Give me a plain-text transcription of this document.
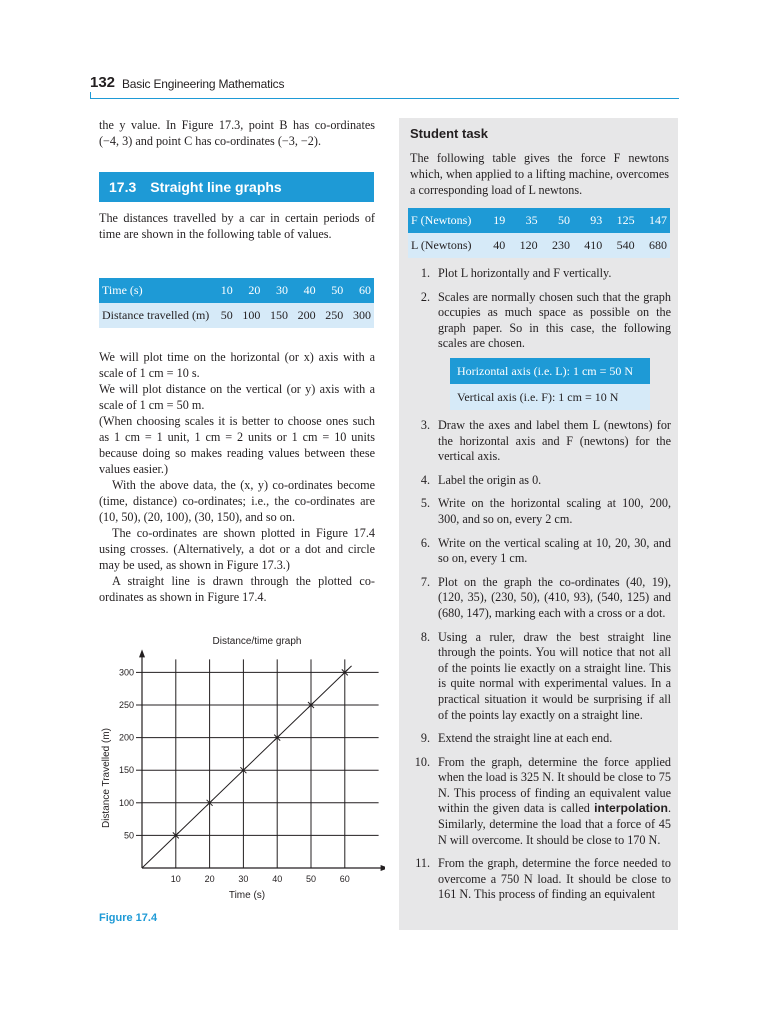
132 Basic Engineering Mathematics
the y value. In Figure 17.3, point B has co-ordinates (−4, 3) and point C has co-ordinates (−3, −2).
17.3 Straight line graphs
The distances travelled by a car in certain periods of time are shown in the following table of values.
Time (s)	10	20	30	40	50	60
Distance travelled (m)	50	100	150	200	250	300
We will plot time on the horizontal (or x) axis with a scale of 1 cm = 10 s.
We will plot distance on the vertical (or y) axis with a scale of 1 cm = 50 m.
(When choosing scales it is better to choose ones such as 1 cm = 1 unit, 1 cm = 2 units or 1 cm = 10 units because doing so makes reading values between these values easier.)
With the above data, the (x, y) co-ordinates become (time, distance) co-ordinates; i.e., the co-ordinates are (10, 50), (20, 100), (30, 150), and so on.
The co-ordinates are shown plotted in Figure 17.4 using crosses. (Alternatively, a dot or a dot and circle may be used, as shown in Figure 17.3.)
A straight line is drawn through the plotted co-ordinates as shown in Figure 17.4.
Distance/time graph
10	20	30	40	50	60
50
100
150
200
250
300
Time (s)
Distance Travelled (m)
Figure 17.4
Student task
The following table gives the force F newtons which, when applied to a lifting machine, overcomes a corresponding load of L newtons.
F (Newtons)	19	35	50	93	125	147
L (Newtons)	40	120	230	410	540	680
1. Plot L horizontally and F vertically.
2. Scales are normally chosen such that the graph occupies as much space as possible on the graph paper. So in this case, the following scales are chosen.
Horizontal axis (i.e. L): 1 cm = 50 N
Vertical axis (i.e. F): 1 cm = 10 N
3. Draw the axes and label them L (newtons) for the horizontal axis and F (newtons) for the vertical axis.
4. Label the origin as 0.
5. Write on the horizontal scaling at 100, 200, 300, and so on, every 2 cm.
6. Write on the vertical scaling at 10, 20, 30, and so on, every 1 cm.
7. Plot on the graph the co-ordinates (40, 19), (120, 35), (230, 50), (410, 93), (540, 125) and (680, 147), marking each with a cross or a dot.
8. Using a ruler, draw the best straight line through the points. You will notice that not all of the points lie exactly on a straight line. This is quite normal with experimental values. In a practical situation it would be surprising if all of the points lay exactly on a straight line.
9. Extend the straight line at each end.
10. From the graph, determine the force applied when the load is 325 N. It should be close to 75 N. This process of finding an equivalent value within the given data is called interpolation. Similarly, determine the load that a force of 45 N will overcome. It should be close to 170 N.
11. From the graph, determine the force needed to overcome a 750 N load. It should be close to 161 N. This process of finding an equivalent
